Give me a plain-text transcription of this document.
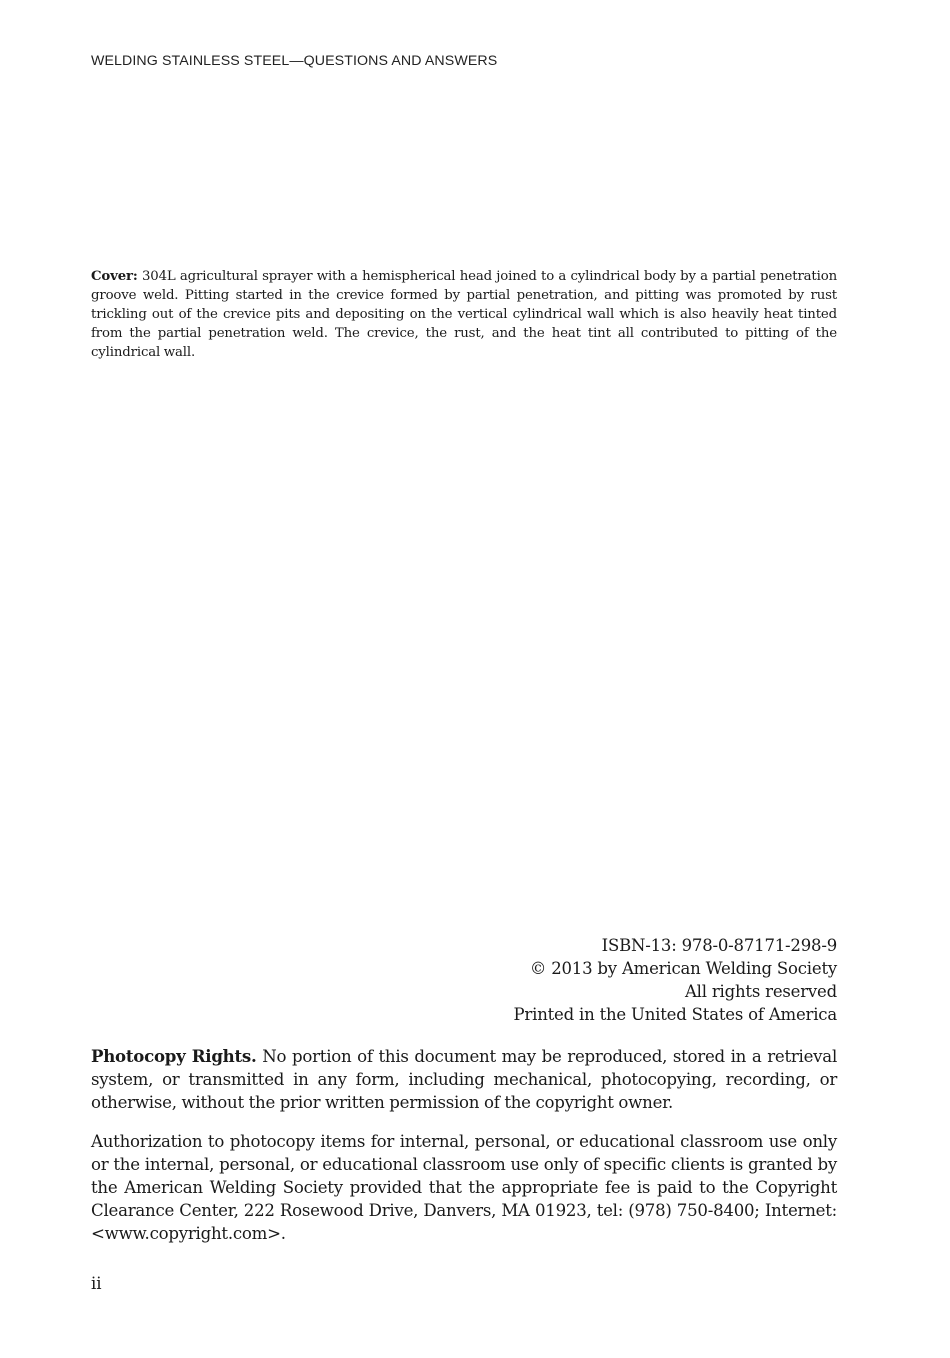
WELDING STAINLESS STEEL—QUESTIONS AND ANSWERS

Cover: 304L agricultural sprayer with a hemispherical head joined to a cylindrical body by a partial penetration groove weld. Pitting started in the crevice formed by partial penetration, and pitting was promoted by rust trickling out of the crevice pits and depositing on the vertical cylindrical wall which is also heavily heat tinted from the partial penetration weld. The crevice, the rust, and the heat tint all contributed to pitting of the cylindrical wall.

ISBN-13: 978-0-87171-298-9
© 2013 by American Welding Society
All rights reserved
Printed in the United States of America

Photocopy Rights. No portion of this document may be reproduced, stored in a retrieval system, or transmitted in any form, including mechanical, photocopying, recording, or otherwise, without the prior written permission of the copyright owner.

Authorization to photocopy items for internal, personal, or educational classroom use only or the internal, personal, or educational classroom use only of specific clients is granted by the American Welding Society provided that the appropriate fee is paid to the Copyright Clearance Center, 222 Rosewood Drive, Danvers, MA 01923, tel: (978) 750-8400; Internet: <www.copyright.com>.

ii
